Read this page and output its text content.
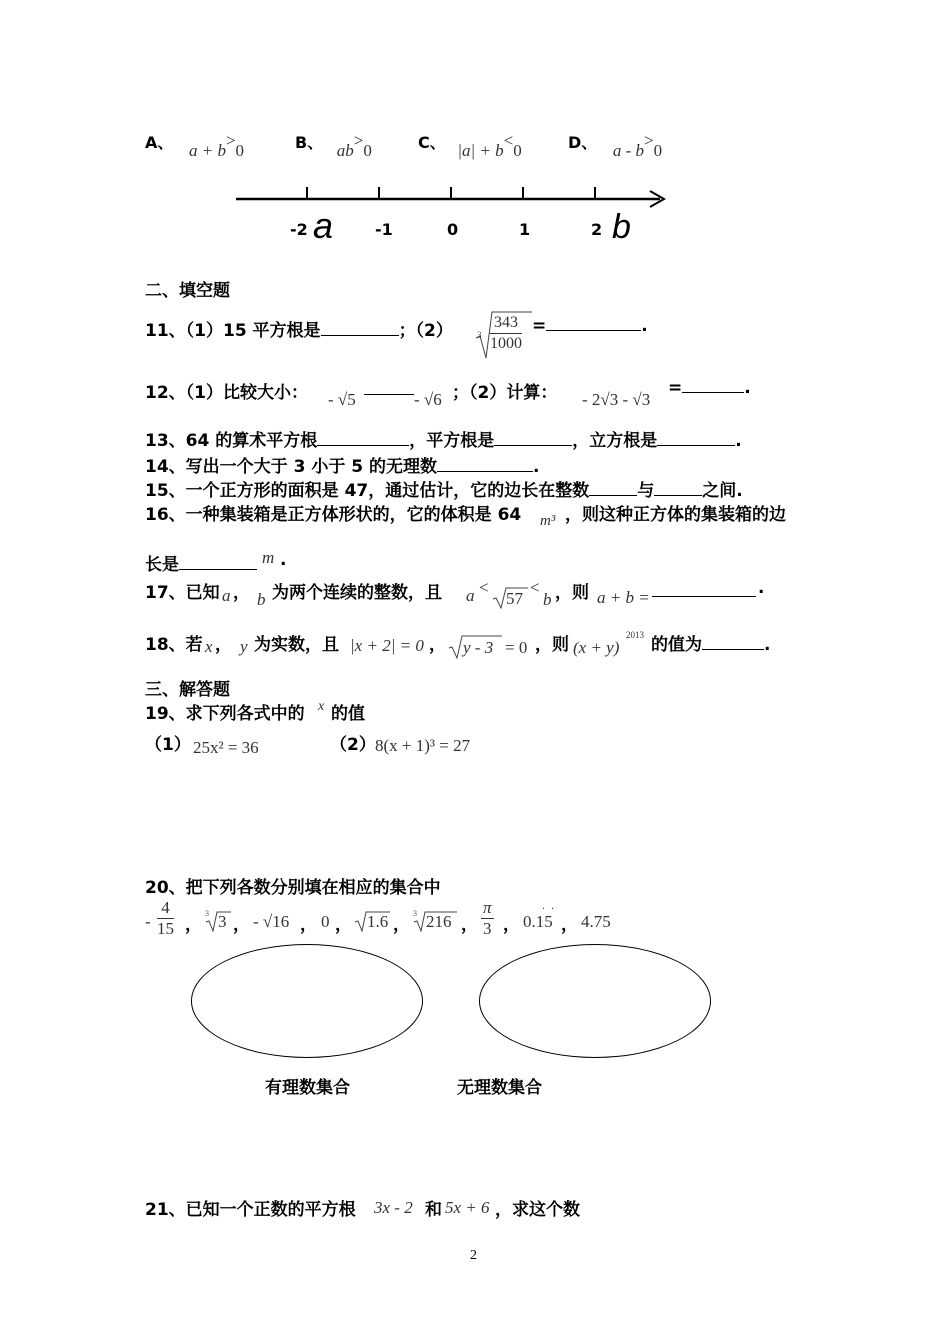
A、 a + b>0	B、 ab>0	C、 |a| + b<0	D、 a - b>0
-2 a	-1	0	1	2 b
二、填空题
11、（1）15 平方根是	；（2）	$3 \frac{343}{1000}$ =	.
12、（1）比较大小： - √5	- √6 ；（2）计算： - 2√3 - √3
=	.
13、64 的算术平方根	，平方根是	，立方根是	.
14、写出一个大于 3 小于 5 的无理数	.
15、一个正方形的面积是 47，通过估计，它的边长在整数	与	之间.
16、一种集装箱是正方体形状的，它的体积是 64 m³ ，则这种正方体的集装箱的边
长是	m .
17、已知 a ， b 为两个连续的整数，且 a <
57
<
b ，则 a + b =	.
18、若 x ， y 为实数，且 |x + 2| = 0 ， y - 3 = 0 ，则 (x + y)
2013 的值为	.
三、解答题
19、求下列各式中的 x 的值
（1） 25x² = 36	（2） 8(x + 1)³ = 27
20、把下列各数分别填在相应的集合中
- $\frac{4}{15}$ ，
3 3 ， - √16 ， 0 ， 1.6 ，
3 216 ， $\frac{\pi}{3}$ ，
· ·
0.15 ， 4.75
有理数集合	无理数集合
21、已知一个正数的平方根 3x - 2 和 5x + 6 ，求这个数
2
